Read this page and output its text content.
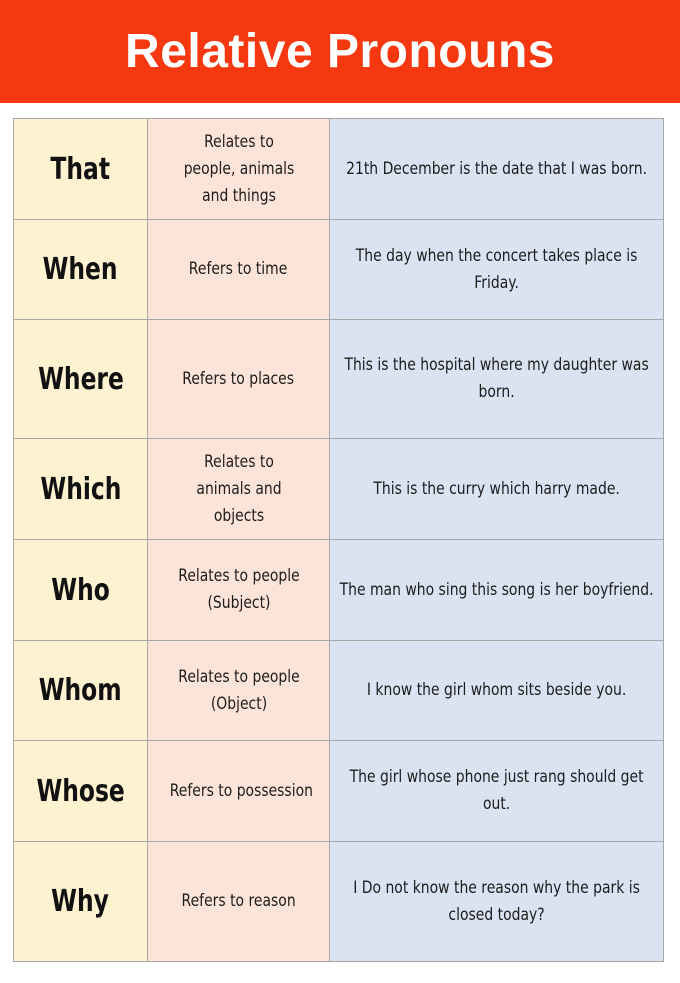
Relative Pronouns
That	Relates to people, animals and things	21th December is the date that I was born.
When	Refers to time	The day when the concert takes place is Friday.
Where	Refers to places	This is the hospital where my daughter was born.
Which	Relates to animals and objects	This is the curry which harry made.
Who	Relates to people (Subject)	The man who sing this song is her boyfriend.
Whom	Relates to people (Object)	I know the girl whom sits beside you.
Whose	Refers to possession	The girl whose phone just rang should get out.
Why	Refers to reason	I Do not know the reason why the park is closed today?
